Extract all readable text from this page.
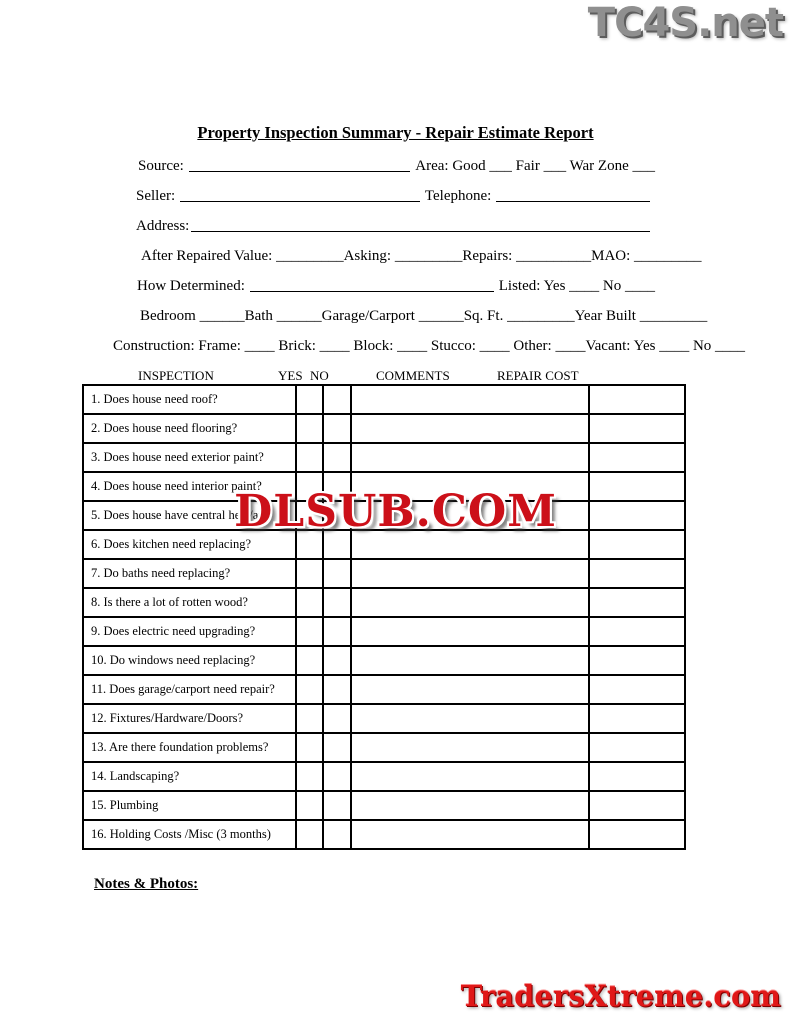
TC4S.net
Property Inspection Summary - Repair Estimate Report
Source:	Area: Good ___ Fair ___ War Zone ___
Seller:	Telephone:
Address:
After Repaired Value: _________ Asking: _________ Repairs: __________ MAO: _________
How Determined:	Listed: Yes ____ No ____
Bedroom ______ Bath ______ Garage/Carport ______ Sq. Ft. _________ Year Built _________
Construction: Frame: ____ Brick: ____ Block: ____ Stucco: ____ Other: ____ Vacant: Yes ____ No ____
INSPECTION	YES NO	COMMENTS	REPAIR COST
1. Does house need roof?
2. Does house need flooring?
3. Does house need exterior paint?
4. Does house need interior paint?
5. Does house have central heat/air?
6. Does kitchen need replacing?
7. Do baths need replacing?
8. Is there a lot of rotten wood?
9. Does electric need upgrading?
10. Do windows need replacing?
11. Does garage/carport need repair?
12. Fixtures/Hardware/Doors?
13. Are there foundation problems?
14. Landscaping?
15. Plumbing
16. Holding Costs /Misc (3 months)
DLSUB.COM
Notes & Photos:
TradersXtreme.com
